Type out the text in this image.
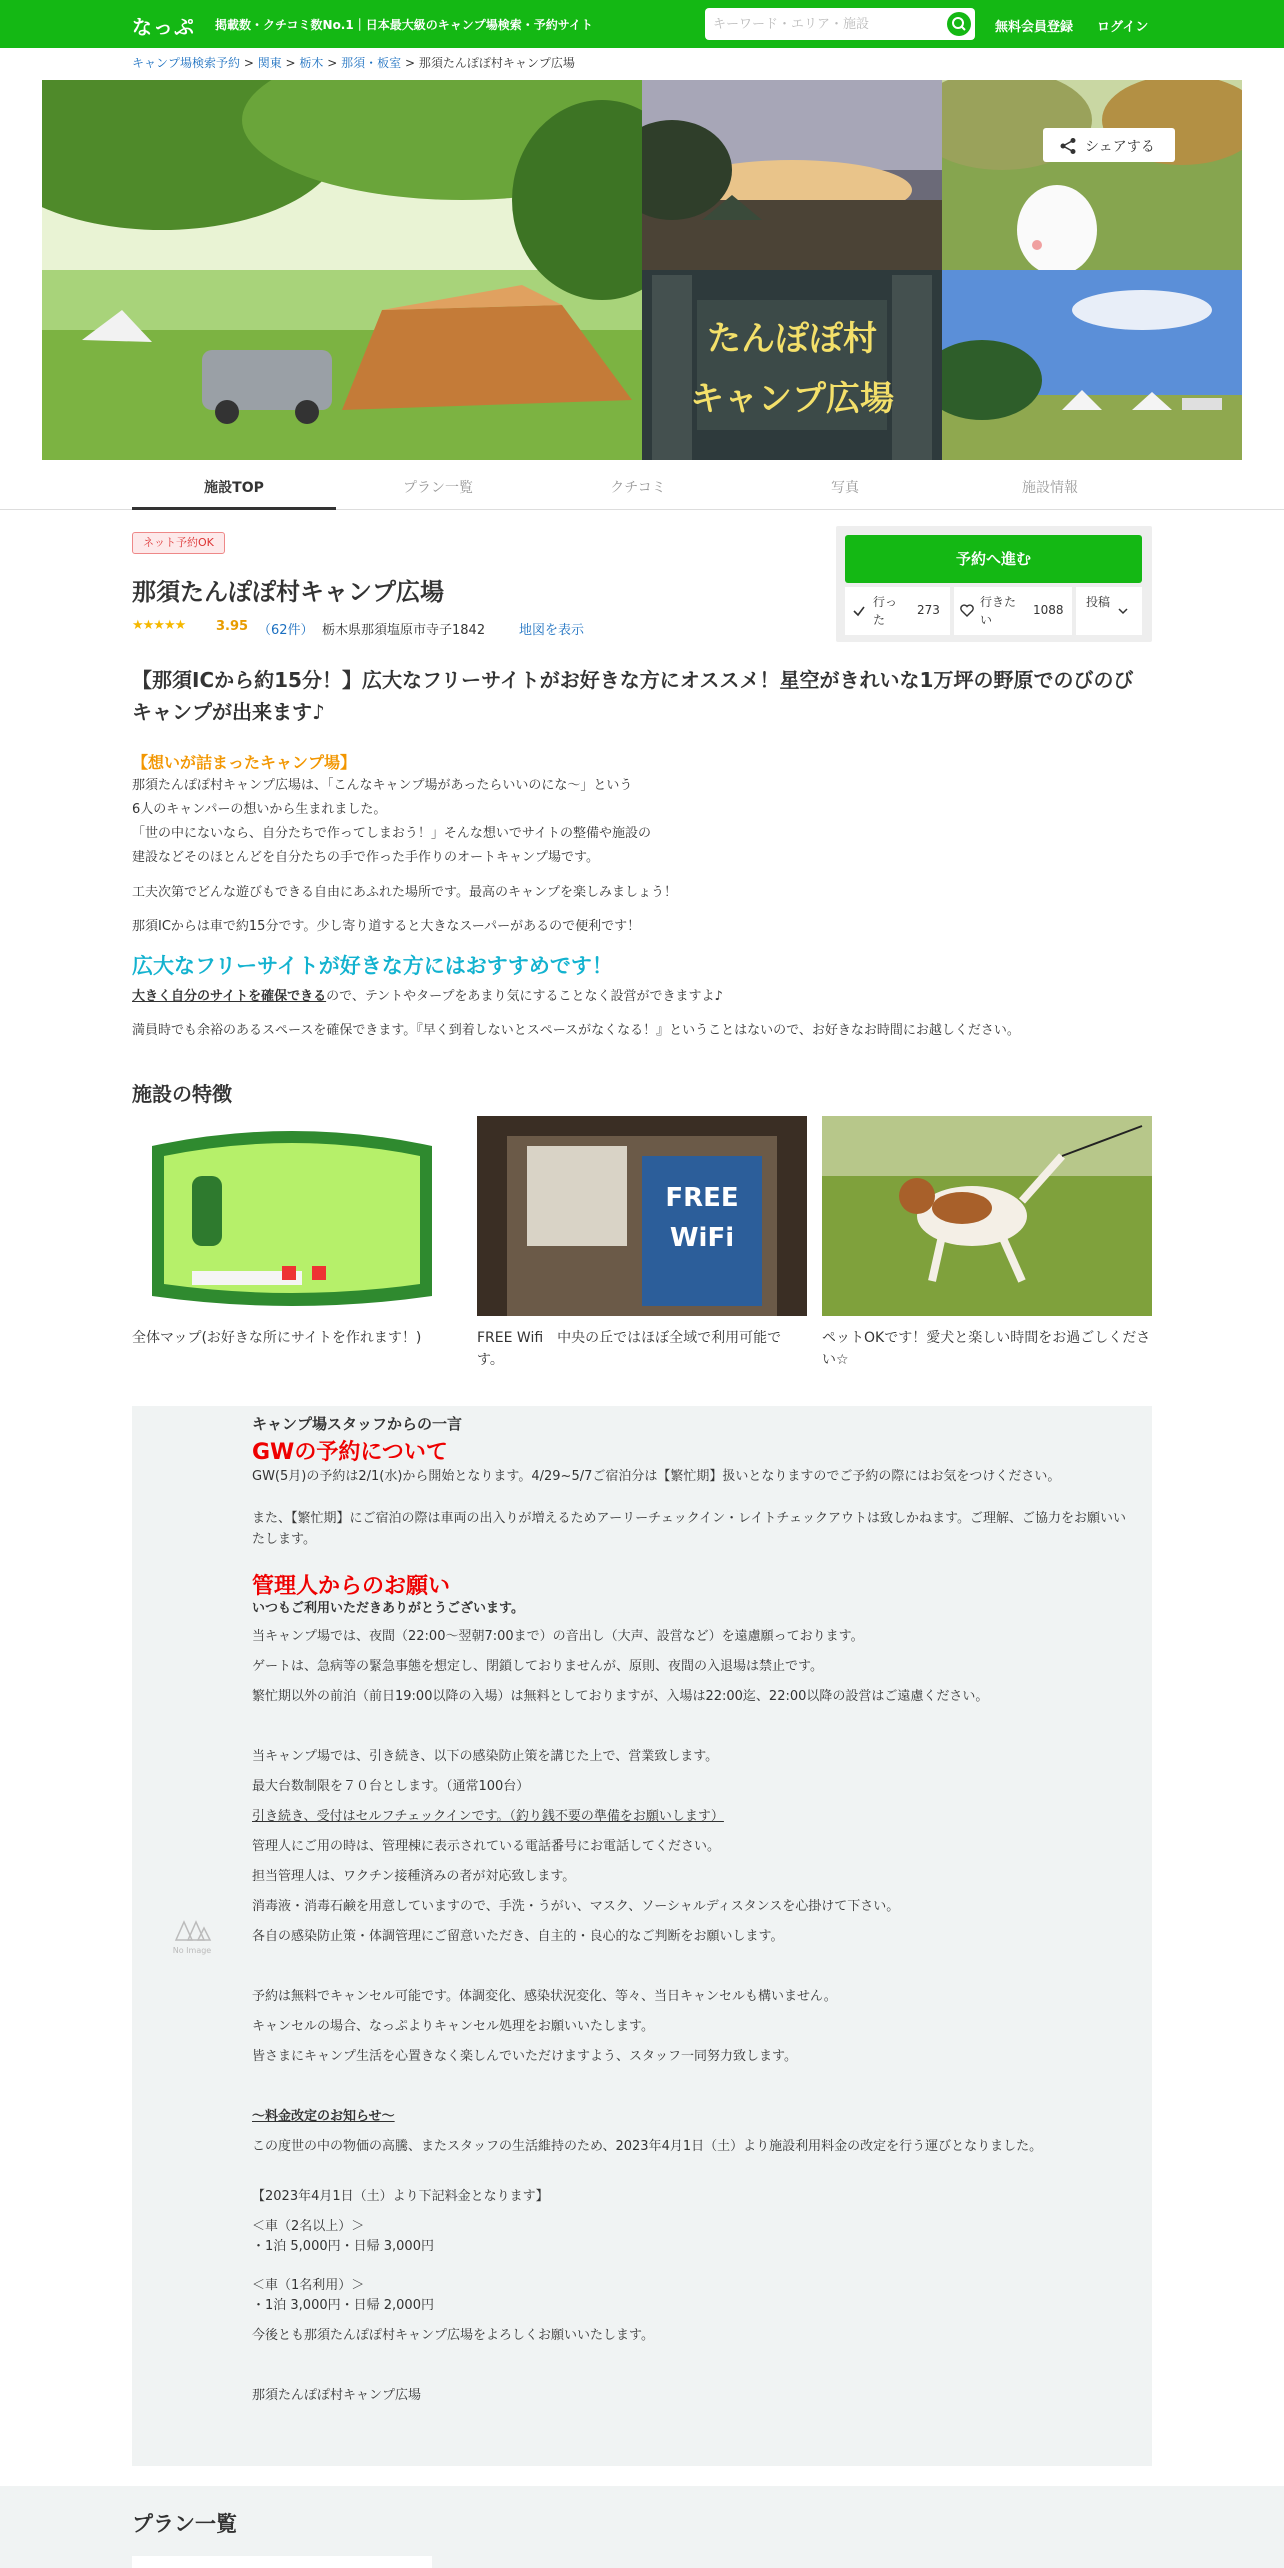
なっぷ 掲載数・クチコミ数No.1｜日本最大級のキャンプ場検索・予約サイト
キーワード・エリア・施設	無料会員登録 ログイン
キャンプ場検索予約 > 関東 > 栃木 > 那須・板室 > 那須たんぽぽ村キャンプ広場
たんぽぽ村
キャンプ広場
シェアする
施設TOP	プラン一覧	クチコミ	写真	施設情報
ネット予約OK
那須たんぽぽ村キャンプ広場
★★★★★ 3.95 （62件） 栃木県那須塩原市寺子1842	地図を表示
予約へ進む
行った
273
行きたい
1088
投稿

【那須ICから約15分！】広大なフリーサイトがお好きな方にオススメ！星空がきれいな1万坪の野原でのびのびキャンプが出来ます♪

【想いが詰まったキャンプ場】

那須たんぽぽ村キャンプ広場は、「こんなキャンプ場があったらいいのにな〜」という

6人のキャンパーの想いから生まれました。

「世の中にないなら、自分たちで作ってしまおう！」そんな想いでサイトの整備や施設の

建設などそのほとんどを自分たちの手で作った手作りのオートキャンプ場です。

工夫次第でどんな遊びもできる自由にあふれた場所です。最高のキャンプを楽しみましょう！

那須ICからは車で約15分です。少し寄り道すると大きなスーパーがあるので便利です！

広大なフリーサイトが好きな方にはおすすめです！

大きく自分のサイトを確保できるので、テントやタープをあまり気にすることなく設営ができますよ♪

満員時でも余裕のあるスペースを確保できます。『早く到着しないとスペースがなくなる！』ということはないので、お好きなお時間にお越しください。

施設の特徴
FREE
WiFi

全体マップ(お好きな所にサイトを作れます！)	FREE Wifi　中央の丘ではほぼ全域で利用可能です。

ペットOKです！愛犬と楽しい時間をお過ごしください☆

No Image

キャンプ場スタッフからの一言

GWの予約について

GW(5月)の予約は2/1(水)から開始となります。4/29~5/7ご宿泊分は【繁忙期】扱いとなりますのでご予約の際にはお気をつけください。

また、【繁忙期】にご宿泊の際は車両の出入りが増えるためアーリーチェックイン・レイトチェックアウトは致しかねます。ご理解、ご協力をお願いいたします。

管理人からのお願い

いつもご利用いただきありがとうございます。

当キャンプ場では、夜間（22:00～翌朝7:00まで）の音出し（大声、設営など）を遠慮願っております。

ゲートは、急病等の緊急事態を想定し、閉鎖しておりませんが、原則、夜間の入退場は禁止です。

繁忙期以外の前泊（前日19:00以降の入場）は無料としておりますが、入場は22:00迄、22:00以降の設営はご遠慮ください。

当キャンプ場では、引き続き、以下の感染防止策を講じた上で、営業致します。

最大台数制限を７０台とします。（通常100台）

引き続き、受付はセルフチェックインです。（釣り銭不要の準備をお願いします）

管理人にご用の時は、管理棟に表示されている電話番号にお電話してください。

担当管理人は、ワクチン接種済みの者が対応致します。

消毒液・消毒石鹸を用意していますので、手洗・うがい、マスク、ソーシャルディスタンスを心掛けて下さい。

各自の感染防止策・体調管理にご留意いただき、自主的・良心的なご判断をお願いします。

予約は無料でキャンセル可能です。体調変化、感染状況変化、等々、当日キャンセルも構いません。

キャンセルの場合、なっぷよりキャンセル処理をお願いいたします。

皆さまにキャンプ生活を心置きなく楽しんでいただけますよう、スタッフ一同努力致します。

～料金改定のお知らせ～

この度世の中の物価の高騰、またスタッフの生活維持のため、2023年4月1日（土）より施設利用料金の改定を行う運びとなりました。

【2023年4月1日（土）より下記料金となります】

＜車（2名以上）＞

・1泊 5,000円・日帰 3,000円

＜車（1名利用）＞

・1泊 3,000円・日帰 2,000円

今後とも那須たんぽぽ村キャンプ広場をよろしくお願いいたします。

那須たんぽぽ村キャンプ広場

プラン一覧
